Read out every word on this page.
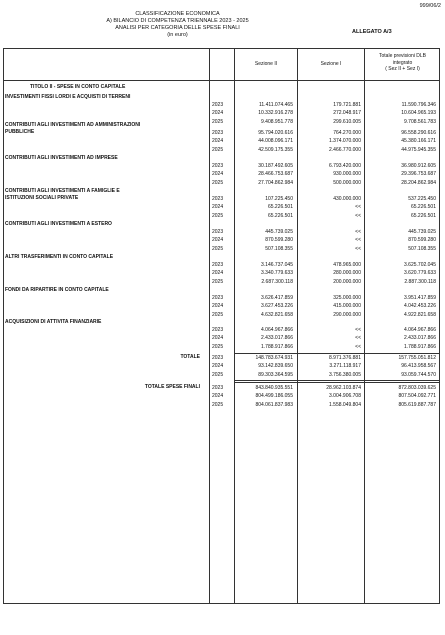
999/06/2
CLASSIFICAZIONE ECONOMICA
A) BILANCIO DI COMPETENZA TRIENNALE 2023 - 2025
ANALISI PER CATEGORIA DELLE SPESE FINALI
(in euro)	ALLEGATO A/3
Sezione II	Sezione I
Totale previsioni DLB
integrato
( Sez II + Sez I)
TITOLO II - SPESE IN CONTO CAPITALE
INVESTIMENTI FISSI LORDI E ACQUISTI DI TERRENI
2023	11.411.074.465	179.721.881	11.590.796.346
2024	10.332.916.278	272.048.917	10.604.965.193
2025	9.408.951.778	299.610.005	9.708.561.783
CONTRIBUTI AGLI INVESTIMENTI AD AMMINISTRAZIONI
PUBBLICHE	2023	95.794.020.616	764.270.000	96.558.290.616
2024	44.008.096.171	1.374.070.000	45.380.166.171
2025	42.509.175.355	2.466.770.000	44.975.945.355
CONTRIBUTI AGLI INVESTIMENTI AD IMPRESE
2023	30.187.492.605	6.793.420.000	36.980.912.605
2024	28.466.753.687	930.000.000	29.396.753.687
2025	27.704.862.984	500.000.000	28.204.862.984
CONTRIBUTI AGLI INVESTIMENTI A FAMIGLIE E
ISTITUZIONI SOCIALI PRIVATE	2023	107.225.450	430.000.000	537.225.450
2024	65.226.501	<<	65.226.501
2025	65.226.501	<<	65.226.501
CONTRIBUTI AGLI INVESTIMENTI A ESTERO
2023	445.739.025	<<	445.739.025
2024	870.599.280	<<	870.599.280
2025	507.108.355	<<	507.108.355
ALTRI TRASFERIMENTI IN CONTO CAPITALE
2023	3.146.737.045	478.965.000	3.625.702.045
2024	3.340.779.633	280.000.000	3.620.779.633
2025	2.687.300.118	200.000.000	2.887.300.118
FONDI DA RIPARTIRE IN CONTO CAPITALE
2023	3.626.417.859	325.000.000	3.951.417.859
2024	3.627.453.226	415.000.000	4.042.453.226
2025	4.632.821.658	290.000.000	4.922.821.658
ACQUISIZIONI DI ATTIVITA FINANZIARIE
2023	4.064.967.866	<<	4.064.967.866
2024	2.433.017.866	<<	2.433.017.866
2025	1.788.917.866	<<	1.788.917.866
TOTALE 2023	148.783.674.931	8.971.376.881	157.755.051.812
2024	93.142.839.650	3.271.118.917	96.413.958.567
2025	89.303.364.595	3.756.380.005	93.059.744.570
TOTALE SPESE FINALI 2023	843.840.935.551	28.962.103.874	872.803.039.625
2024	804.499.186.055	3.004.906.708	807.504.092.771
2025	804.061.837.983	1.558.049.804	805.619.887.787
